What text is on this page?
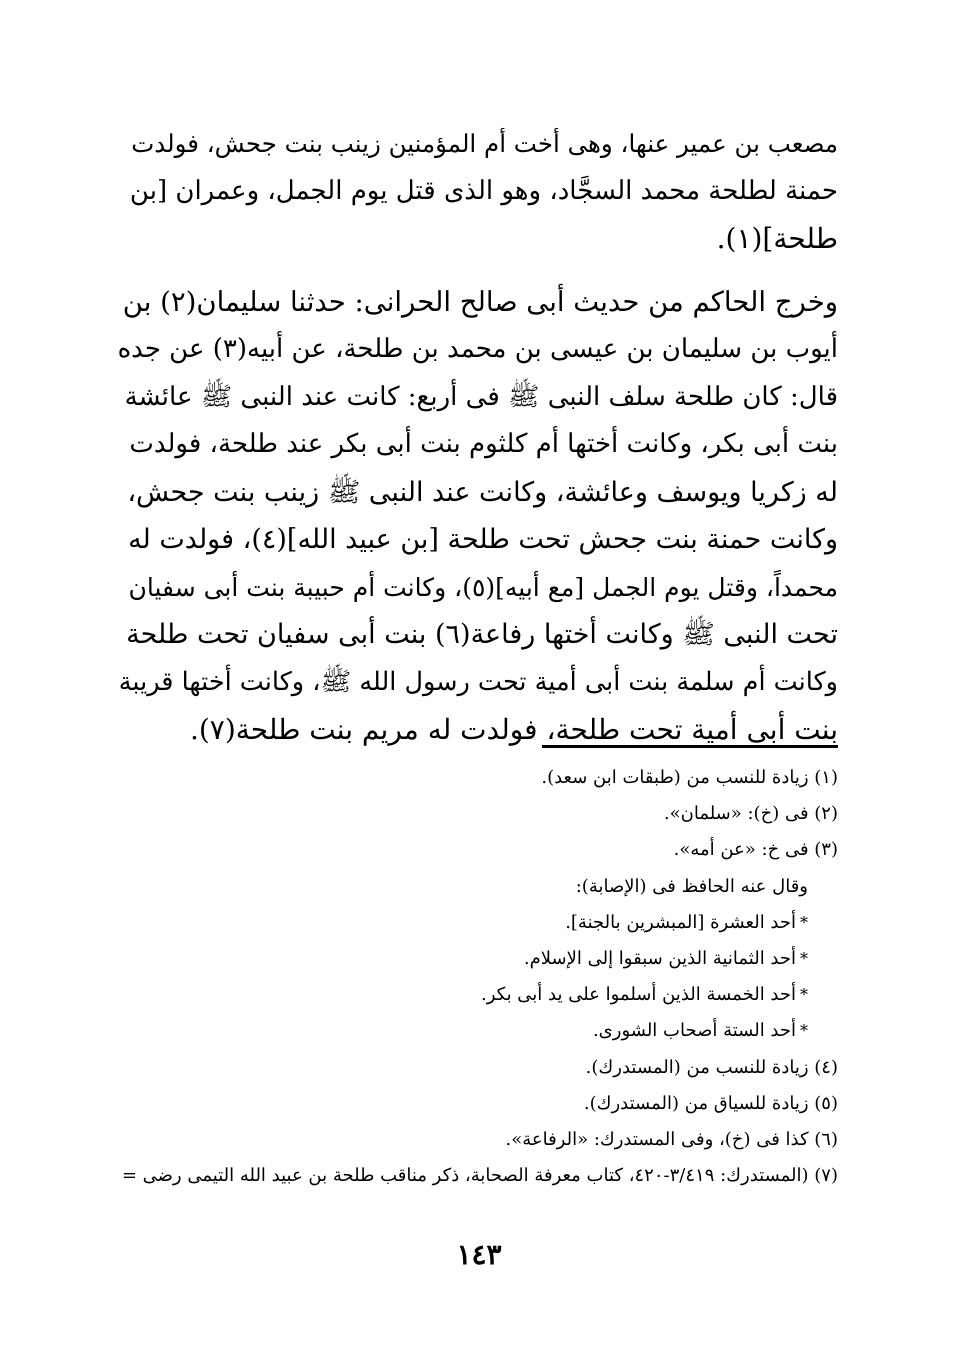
مصعب بن عمير عنها، وهى أخت أم المؤمنين زينب بنت جحش، فولدت

حمنة لطلحة محمد السجَّاد، وهو الذى قتل يوم الجمل، وعمران [بن

طلحة](١).

وخرج الحاكم من حديث أبى صالح الحرانى: حدثنا سليمان(٢) بن

أيوب بن سليمان بن عيسى بن محمد بن طلحة، عن أبيه(٣) عن جده

قال: كان طلحة سلف النبى ﷺ فى أربع: كانت عند النبى ﷺ عائشة

بنت أبى بكر، وكانت أختها أم كلثوم بنت أبى بكر عند طلحة، فولدت

له زكريا ويوسف وعائشة، وكانت عند النبى ﷺ زينب بنت جحش،

وكانت حمنة بنت جحش تحت طلحة [بن عبيد الله](٤)، فولدت له

محمداً، وقتل يوم الجمل [مع أبيه](٥)، وكانت أم حبيبة بنت أبى سفيان

تحت النبى ﷺ وكانت أختها رفاعة(٦) بنت أبى سفيان تحت طلحة

وكانت أم سلمة بنت أبى أمية تحت رسول الله ﷺ، وكانت أختها قريبة

بنت أبى أمية تحت طلحة، فولدت له مريم بنت طلحة(٧).

(١) زيادة للنسب من (طبقات ابن سعد).

(٢) فى (خ): «سلمان».

(٣) فى خ: «عن أمه».

وقال عنه الحافظ فى (الإصابة):

*أحد العشرة [المبشرين بالجنة].

*أحد الثمانية الذين سبقوا إلى الإسلام.

*أحد الخمسة الذين أسلموا على يد أبى بكر.

*أحد الستة أصحاب الشورى.

(٤) زيادة للنسب من (المستدرك).

(٥) زيادة للسياق من (المستدرك).

(٦) كذا فى (خ)، وفى المستدرك: «الرفاعة».

(٧) (المستدرك: ٣/٤١٩-٤٢٠، كتاب معرفة الصحابة، ذكر مناقب طلحة بن عبيد الله التيمى رضى =

١٤٣
